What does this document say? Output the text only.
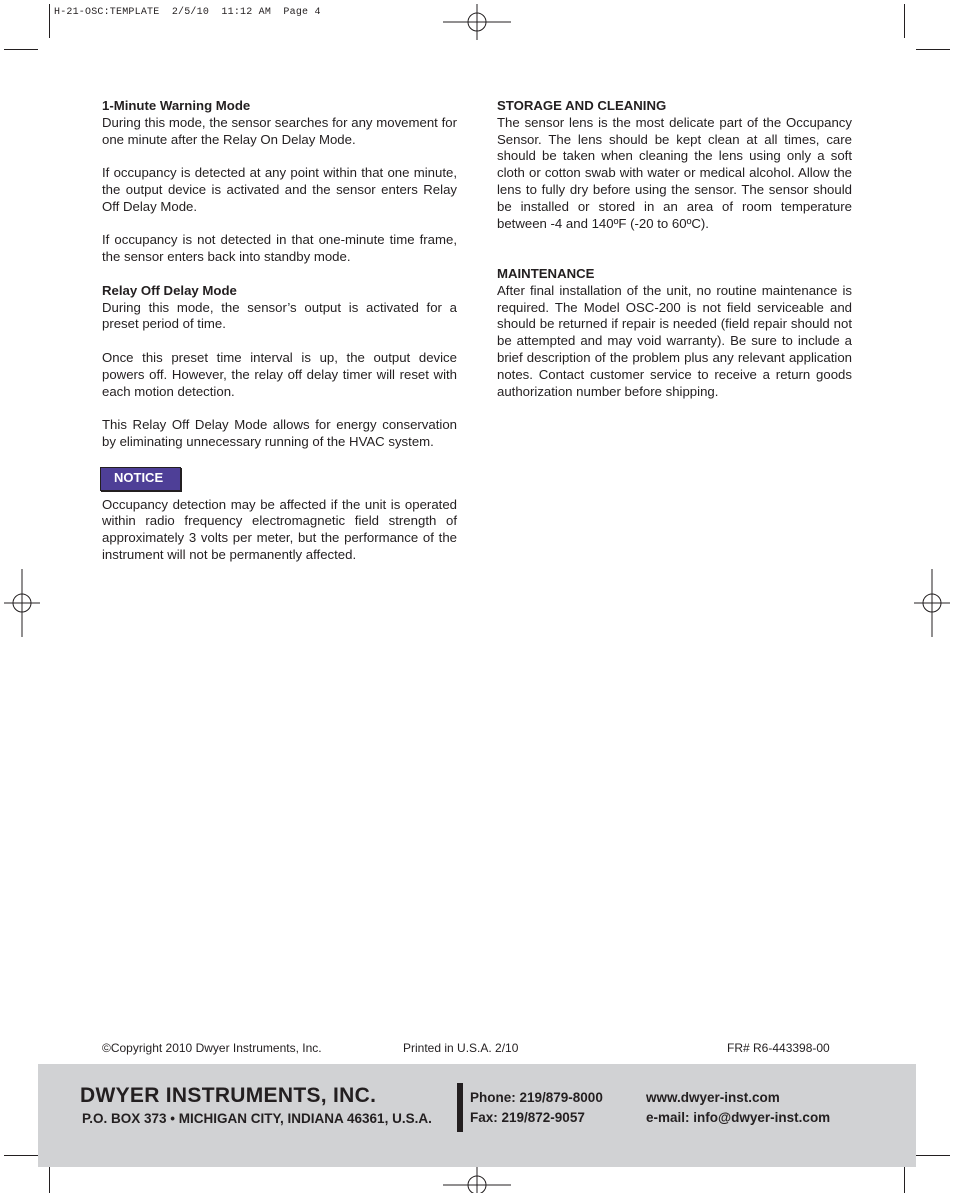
H-21-OSC:TEMPLATE  2/5/10  11:12 AM  Page 4

1-Minute Warning Mode

During this mode, the sensor searches for any movement for one minute after the Relay On Delay Mode.

If occupancy is detected at any point within that one minute, the output device is activated and the sensor enters Relay Off Delay Mode.

If occupancy is not detected in that one-minute time frame, the sensor enters back into standby mode.

Relay Off Delay Mode

During this mode, the sensor’s output is activated for a preset period of time.

Once this preset time interval is up, the output device powers off. However, the relay off delay timer will reset with each motion detection.

This Relay Off Delay Mode allows for energy conservation by eliminating unnecessary running of the HVAC system.

NOTICE

Occupancy detection may be affected if the unit is operated within radio frequency electromagnetic field strength of approximately 3 volts per meter, but the performance of the instrument will not be permanently affected.

STORAGE AND CLEANING

The sensor lens is the most delicate part of the Occupancy Sensor. The lens should be kept clean at all times, care should be taken when cleaning the lens using only a soft cloth or cotton swab with water or medical alcohol. Allow the lens to fully dry before using the sensor. The sensor should be installed or stored in an area of room temperature between -4 and 140ºF (-20 to 60ºC).

MAINTENANCE

After final installation of the unit, no routine maintenance is required. The Model OSC-200 is not field serviceable and should be returned if repair is needed (field repair should not be attempted and may void warranty). Be sure to include a brief description of the problem plus any relevant application notes. Contact customer service to receive a return goods authorization number before shipping.

©Copyright 2010 Dwyer Instruments, Inc.	Printed in U.S.A. 2/10	FR# R6-443398-00
DWYER INSTRUMENTS, INC.
P.O. BOX 373 • MICHIGAN CITY, INDIANA 46361, U.S.A.
Phone: 219/879-8000
Fax: 219/872-9057
www.dwyer-inst.com
e-mail: info@dwyer-inst.com
